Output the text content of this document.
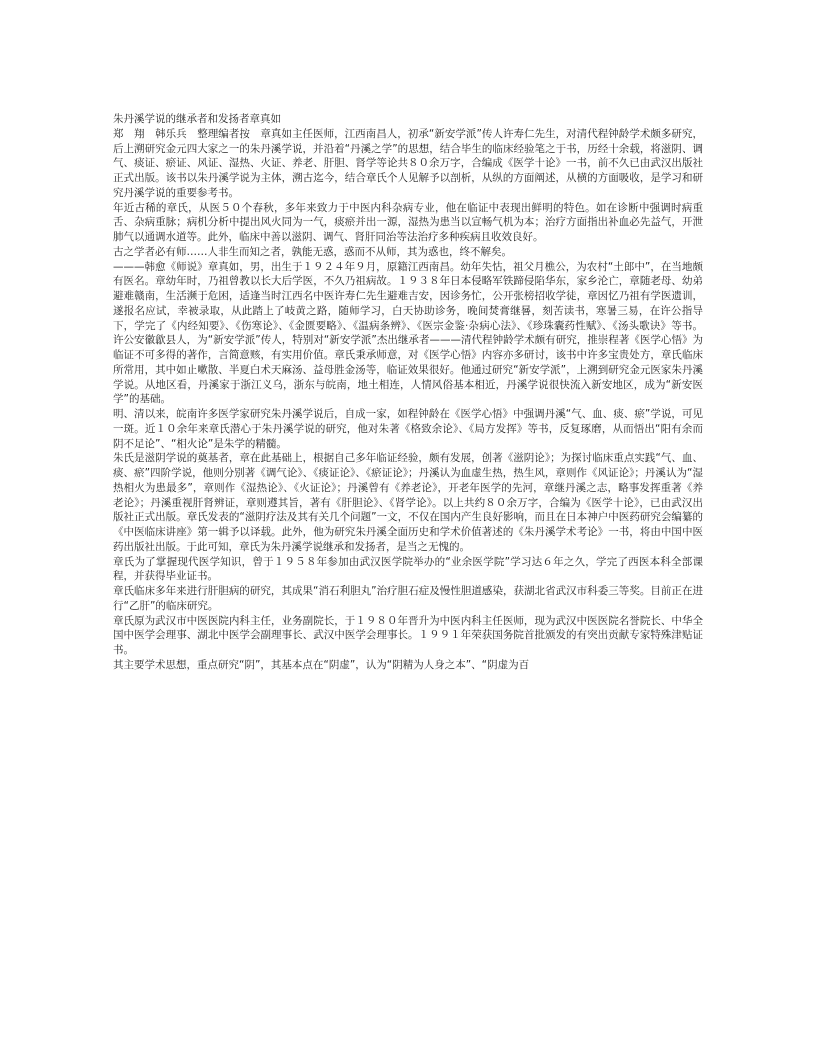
朱丹溪学说的继承者和发扬者章真如

郑　翔　韩乐兵　整理编者按　章真如主任医师，江西南昌人，初承“新安学派”传人许寿仁先生，对清代程钟龄学术颇多研究，后上溯研究金元四大家之一的朱丹溪学说，并沿着“丹溪之学”的思想，结合毕生的临床经验笔之于书，历经十余载，将滋阴、调气、痰证、瘀证、风证、湿热、火证、养老、肝胆、肾学等论共８０余万字，合编成《医学十论》一书，前不久已由武汉出版社正式出版。该书以朱丹溪学说为主体，溯古迄今，结合章氏个人见解予以剖析，从纵的方面阐述，从横的方面吸收，是学习和研究丹溪学说的重要参考书。

年近古稀的章氏，从医５０个春秋，多年来致力于中医内科杂病专业，他在临证中表现出鲜明的特色。如在诊断中强调时病重舌、杂病重脉；病机分析中提出风火同为一气，痰瘀并出一源，湿热为患当以宣畅气机为本；治疗方面指出补血必先益气，开泄肺气以通调水道等。此外，临床中善以滋阴、调气、肾肝同治等法治疗多种疾病且收效良好。

古之学者必有师……人非生而知之者，孰能无惑，惑而不从师，其为惑也，终不解矣。

———韩愈《师说》章真如，男，出生于１９２４年９月，原籍江西南昌。幼年失怙，祖父月樵公，为农村“土郎中”，在当地颇有医名。章幼年时，乃祖曾教以长大后学医，不久乃祖病故。１９３８年日本侵略军铁蹄侵陷华东，家乡沦亡，章随老母、幼弟避难赣南，生活濒于危困，适逢当时江西名中医许寿仁先生避难吉安，因诊务忙，公开张榜招收学徒，章因忆乃祖有学医遗训，遂报名应试，幸被录取，从此踏上了岐黄之路，随师学习，白天协助诊务，晚间焚膏继晷，刻苦读书，寒暑三易，在许公指导下，学完了《内经知要》、《伤寒论》、《金匮要略》、《温病条辨》、《医宗金鉴·杂病心法》、《珍珠囊药性赋》、《汤头歌诀》等书。许公安徽歙县人，为“新安学派”传人，特别对“新安学派”杰出继承者———清代程钟龄学术颇有研究，推崇程著《医学心悟》为临证不可多得的著作，言简意赅，有实用价值。章氏秉承师意，对《医学心悟》内容亦多研讨，该书中许多宝贵处方，章氏临床所常用，其中如止嗽散、半夏白术天麻汤、益母胜金汤等，临证效果很好。他通过研究“新安学派”，上溯到研究金元医家朱丹溪学说。从地区看，丹溪家于浙江义乌，浙东与皖南，地土相连，人情风俗基本相近，丹溪学说很快流入新安地区，成为“新安医学”的基础。

明、清以来，皖南许多医学家研究朱丹溪学说后，自成一家，如程钟龄在《医学心悟》中强调丹溪“气、血、痰、瘀”学说，可见一斑。近１０余年来章氏潜心于朱丹溪学说的研究，他对朱著《格致余论》、《局方发挥》等书，反复琢磨，从而悟出“阳有余而阴不足论”、“相火论”是朱学的精髓。

朱氏是滋阴学说的奠基者，章在此基础上，根据自己多年临证经验，颇有发展，创著《滋阴论》；为探讨临床重点实践“气、血、痰、瘀”四阶学说，他则分别著《调气论》、《痰证论》、《瘀证论》；丹溪认为血虚生热，热生风，章则作《风证论》；丹溪认为“湿热相火为患最多”，章则作《湿热论》、《火证论》；丹溪曾有《养老论》，开老年医学的先河，章继丹溪之志，略事发挥重著《养老论》；丹溪重视肝肾辨证，章则遵其旨，著有《肝胆论》、《肾学论》。以上共约８０余万字，合编为《医学十论》，已由武汉出版社正式出版。章氏发表的“滋阴疗法及其有关几个问题”一文，不仅在国内产生良好影响，而且在日本神户中医药研究会编纂的《中医临床讲座》第一辑予以译载。此外，他为研究朱丹溪全面历史和学术价值著述的《朱丹溪学术考论》一书，将由中国中医药出版社出版。于此可知，章氏为朱丹溪学说继承和发扬者，是当之无愧的。

章氏为了掌握现代医学知识，曾于１９５８年参加由武汉医学院举办的“业余医学院”学习达６年之久，学完了西医本科全部课程，并获得毕业证书。

章氏临床多年来进行肝胆病的研究，其成果“消石利胆丸”治疗胆石症及慢性胆道感染，获湖北省武汉市科委三等奖。目前正在进行“乙肝”的临床研究。

章氏原为武汉市中医医院内科主任，业务副院长，于１９８０年晋升为中医内科主任医师，现为武汉中医医院名誉院长、中华全国中医学会理事、湖北中医学会副理事长、武汉中医学会理事长。１９９１年荣获国务院首批颁发的有突出贡献专家特殊津贴证书。

其主要学术思想，重点研究“阴”，其基本点在“阴虚”，认为“阴精为人身之本”、“阴虚为百
